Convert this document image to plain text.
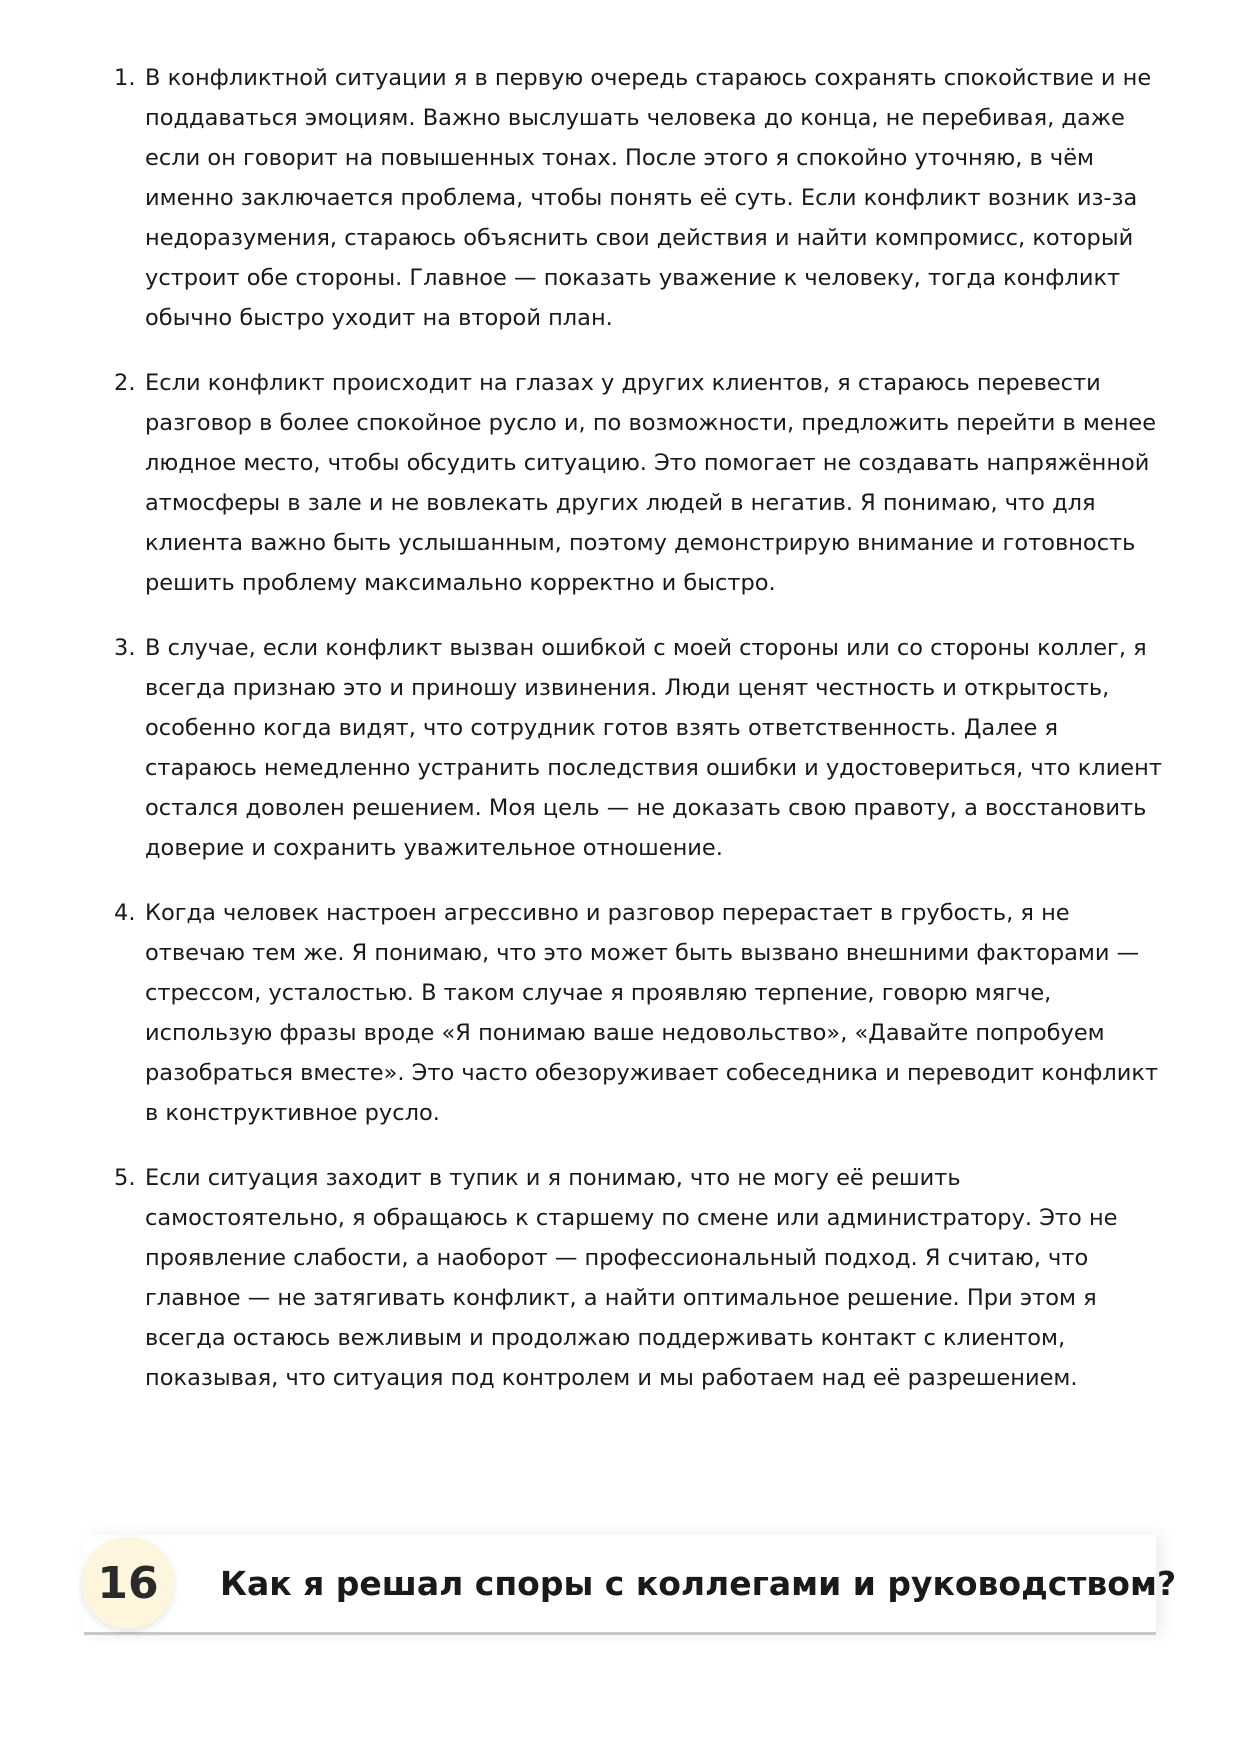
1. В конфликтной ситуации я в первую очередь стараюсь сохранять спокойствие и не поддаваться эмоциям. Важно выслушать человека до конца, не перебивая, даже если он говорит на повышенных тонах. После этого я спокойно уточняю, в чём именно заключается проблема, чтобы понять её суть. Если конфликт возник из-за недоразумения, стараюсь объяснить свои действия и найти компромисс, который устроит обе стороны. Главное — показать уважение к человеку, тогда конфликт обычно быстро уходит на второй план.
2. Если конфликт происходит на глазах у других клиентов, я стараюсь перевести разговор в более спокойное русло и, по возможности, предложить перейти в менее людное место, чтобы обсудить ситуацию. Это помогает не создавать напряжённой атмосферы в зале и не вовлекать других людей в негатив. Я понимаю, что для клиента важно быть услышанным, поэтому демонстрирую внимание и готовность решить проблему максимально корректно и быстро.
3. В случае, если конфликт вызван ошибкой с моей стороны или со стороны коллег, я всегда признаю это и приношу извинения. Люди ценят честность и открытость, особенно когда видят, что сотрудник готов взять ответственность. Далее я стараюсь немедленно устранить последствия ошибки и удостовериться, что клиент остался доволен решением. Моя цель — не доказать свою правоту, а восстановить доверие и сохранить уважительное отношение.
4. Когда человек настроен агрессивно и разговор перерастает в грубость, я не отвечаю тем же. Я понимаю, что это может быть вызвано внешними факторами — стрессом, усталостью. В таком случае я проявляю терпение, говорю мягче, использую фразы вроде «Я понимаю ваше недовольство», «Давайте попробуем разобраться вместе». Это часто обезоруживает собеседника и переводит конфликт в конструктивное русло.
5. Если ситуация заходит в тупик и я понимаю, что не могу её решить самостоятельно, я обращаюсь к старшему по смене или администратору. Это не проявление слабости, а наоборот — профессиональный подход. Я считаю, что главное — не затягивать конфликт, а найти оптимальное решение. При этом я всегда остаюсь вежливым и продолжаю поддерживать контакт с клиентом, показывая, что ситуация под контролем и мы работаем над её разрешением.
16	Как я решал споры с коллегами и руководством?
